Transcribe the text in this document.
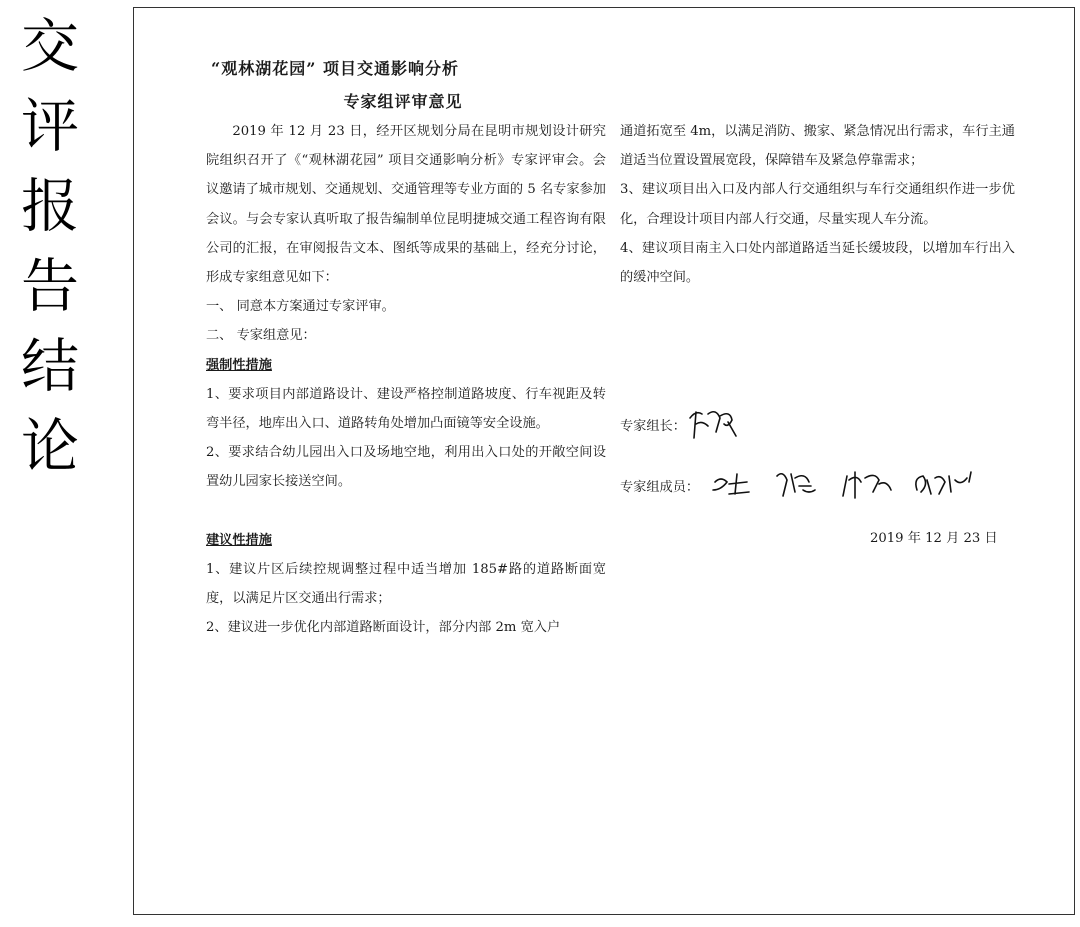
交
评
报
告
结
论
“观林湖花园” 项目交通影响分析
专家组评审意见

2019 年 12 月 23 日，经开区规划分局在昆明市规划设计研究院组织召开了《“观林湖花园” 项目交通影响分析》专家评审会。会议邀请了城市规划、交通规划、交通管理等专业方面的 5 名专家参加会议。与会专家认真听取了报告编制单位昆明捷城交通工程咨询有限公司的汇报，在审阅报告文本、图纸等成果的基础上，经充分讨论，形成专家组意见如下：

一、 同意本方案通过专家评审。

二、 专家组意见：

强制性措施

1、要求项目内部道路设计、建设严格控制道路坡度、行车视距及转弯半径，地库出入口、道路转角处增加凸面镜等安全设施。

2、要求结合幼儿园出入口及场地空地，利用出入口处的开敞空间设置幼儿园家长接送空间。

建议性措施

1、建议片区后续控规调整过程中适当增加 185#路的道路断面宽度，以满足片区交通出行需求；

2、建议进一步优化内部道路断面设计，部分内部 2m 宽入户

通道拓宽至 4m，以满足消防、搬家、紧急情况出行需求，车行主通道适当位置设置展宽段，保障错车及紧急停靠需求；

3、建议项目出入口及内部人行交通组织与车行交通组织作进一步优化，合理设计项目内部人行交通，尽量实现人车分流。

4、建议项目南主入口处内部道路适当延长缓坡段，以增加车行出入的缓冲空间。

专家组长：
专家组成员：
2019 年 12 月 23 日
